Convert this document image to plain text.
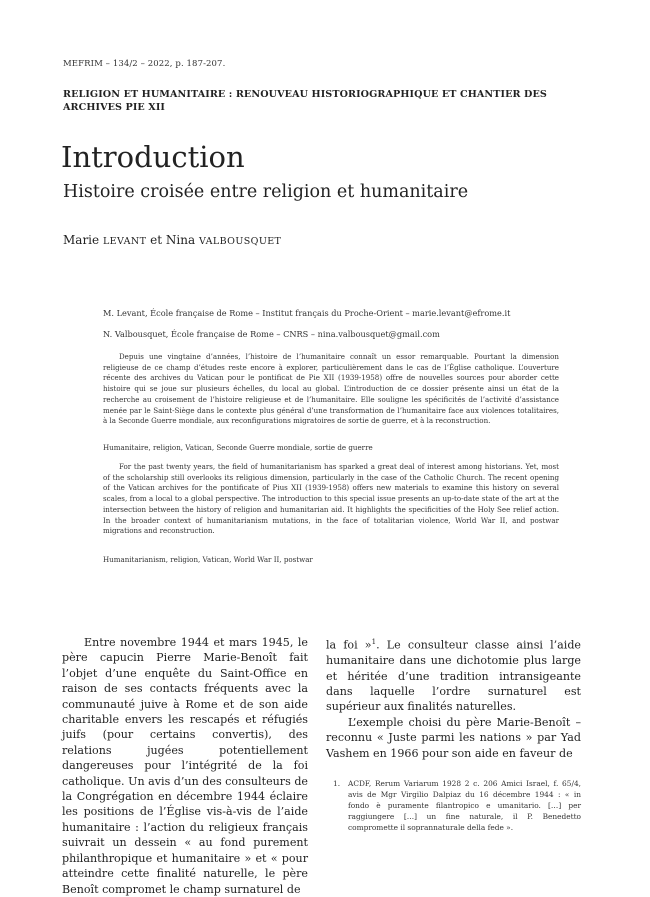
MEFRIM – 134/2 – 2022, p. 187-207.
RELIGION ET HUMANITAIRE : RENOUVEAU HISTORIOGRAPHIQUE ET CHANTIER DES ARCHIVES PIE XII
Introduction
Histoire croisée entre religion et humanitaire
Marie LEVANT et Nina VALBOUSQUET
M. Levant, École française de Rome – Institut français du Proche-Orient – marie.levant@efrome.it
N. Valbousquet, École française de Rome – CNRS – nina.valbousquet@gmail.com

Depuis une vingtaine d’années, l’histoire de l’humanitaire connaît un essor remarquable. Pourtant la dimension religieuse de ce champ d’études reste encore à explorer, particulièrement dans le cas de l’Église catholique. L’ouverture récente des archives du Vatican pour le pontificat de Pie XII (1939-1958) offre de nouvelles sources pour aborder cette histoire qui se joue sur plusieurs échelles, du local au global. L’introduction de ce dossier présente ainsi un état de la recherche au croisement de l’histoire religieuse et de l’humanitaire. Elle souligne les spécificités de l’activité d’assistance menée par le Saint-Siège dans le contexte plus général d’une transformation de l’humanitaire face aux violences totalitaires, à la Seconde Guerre mondiale, aux reconfigurations migratoires de sortie de guerre, et à la reconstruction.

Humanitaire, religion, Vatican, Seconde Guerre mondiale, sortie de guerre

For the past twenty years, the field of humanitarianism has sparked a great deal of interest among historians. Yet, most of the scholarship still overlooks its religious dimension, particularly in the case of the Catholic Church. The recent opening of the Vatican archives for the pontificate of Pius XII (1939-1958) offers new materials to examine this history on several scales, from a local to a global perspective. The introduction to this special issue presents an up-to-date state of the art at the intersection between the history of religion and humanitarian aid. It highlights the specificities of the Holy See relief action. In the broader context of humanitarianism mutations, in the face of totalitarian violence, World War II, and postwar migrations and reconstruction.

Humanitarianism, religion, Vatican, World War II, postwar

Entre novembre 1944 et mars 1945, le père capucin Pierre Marie-Benoît fait l’objet d’une enquête du Saint-Office en raison de ses contacts fréquents avec la communauté juive à Rome et de son aide charitable envers les rescapés et réfugiés juifs (pour certains convertis), des relations jugées potentiellement dangereuses pour l’intégrité de la foi catholique. Un avis d’un des consulteurs de la Congrégation en décembre 1944 éclaire les positions de l’Église vis-à-vis de l’aide humanitaire : l’action du religieux français suivrait un dessein « au fond purement philanthropique et humanitaire » et « pour atteindre cette finalité naturelle, le père Benoît compromet le champ surnaturel de

la foi »$^1$. Le consulteur classe ainsi l’aide humanitaire dans une dichotomie plus large et héritée d’une tradition intransigeante dans laquelle l’ordre surnaturel est supérieur aux finalités naturelles.

L’exemple choisi du père Marie-Benoît – reconnu « Juste parmi les nations » par Yad Vashem en 1966 pour son aide en faveur de

1. ACDF, Rerum Variarum 1928 2 c. 206 Amici Israel, f. 65/4, avis de Mgr Virgilio Dalpiaz du 16 décembre 1944 : « in fondo è puramente filantropico e umanitario. […] per raggiungere […] un fine naturale, il P. Benedetto compromette il soprannaturale della fede ».
